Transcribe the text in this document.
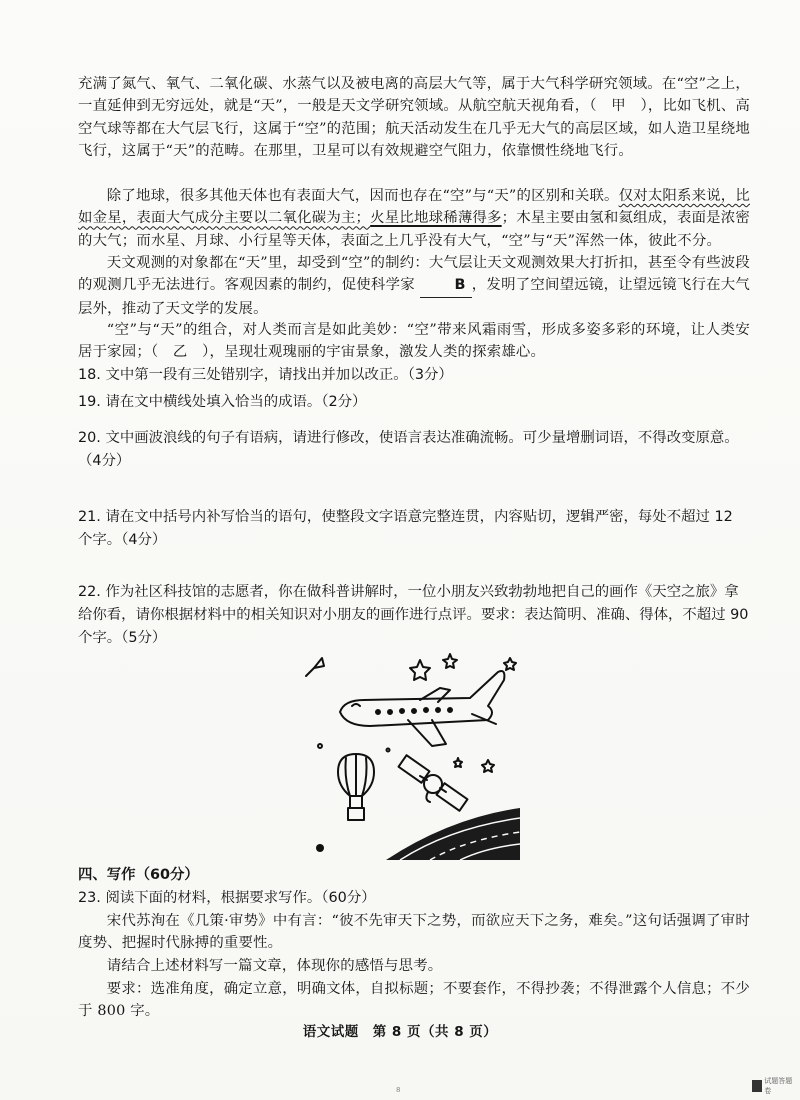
充满了氮气、氧气、二氧化碳、水蒸气以及被电离的高层大气等，属于大气科学研究领域。在“空”之上，一直延伸到无穷远处，就是“天”，一般是天文学研究领域。从航空航天视角看，（　甲　），比如飞机、高空气球等都在大气层飞行，这属于“空”的范围；航天活动发生在几乎无大气的高层区域，如人造卫星绕地飞行，这属于“天”的范畴。在那里，卫星可以有效规避空气阻力，依靠惯性绕地飞行。

除了地球，很多其他天体也有表面大气，因而也存在“空”与“天”的区别和关联。仅对太阳系来说，比如金星，表面大气成分主要以二氧化碳为主；火星比地球稀薄得多；木星主要由氢和氦组成，表面是浓密的大气；而水星、月球、小行星等天体，表面之上几乎没有大气，“空”与“天”浑然一体，彼此不分。

天文观测的对象都在“天”里，却受到“空”的制约：大气层让天文观测效果大打折扣，甚至令有些波段的观测几乎无法进行。客观因素的制约，促使科学家	B ，发明了空间望远镜，让望远镜飞行在大气层外，推动了天文学的发展。

“空”与“天”的组合，对人类而言是如此美妙：“空”带来风霜雨雪，形成多姿多彩的环境，让人类安居于家园；（　乙　），呈现壮观瑰丽的宇宙景象，激发人类的探索雄心。

18. 文中第一段有三处错别字，请找出并加以改正。（3分）

19. 请在文中横线处填入恰当的成语。（2分）

20. 文中画波浪线的句子有语病，请进行修改，使语言表达准确流畅。可少量增删词语，不得改变原意。（4分）

21. 请在文中括号内补写恰当的语句，使整段文字语意完整连贯，内容贴切，逻辑严密，每处不超过 12 个字。（4分）

22. 作为社区科技馆的志愿者，你在做科普讲解时，一位小朋友兴致勃勃地把自己的画作《天空之旅》拿给你看，请你根据材料中的相关知识对小朋友的画作进行点评。要求：表达简明、准确、得体，不超过 90 个字。（5分）

四、写作（60分）

23. 阅读下面的材料，根据要求写作。（60分）

宋代苏洵在《几策·审势》中有言：“彼不先审天下之势，而欲应天下之务，难矣。”这句话强调了审时度势、把握时代脉搏的重要性。

请结合上述材料写一篇文章，体现你的感悟与思考。

要求：选准角度，确定立意，明确文体，自拟标题；不要套作，不得抄袭；不得泄露个人信息；不少于 800 字。

语文试题　第 8 页（共 8 页）
8
试题答题卷
